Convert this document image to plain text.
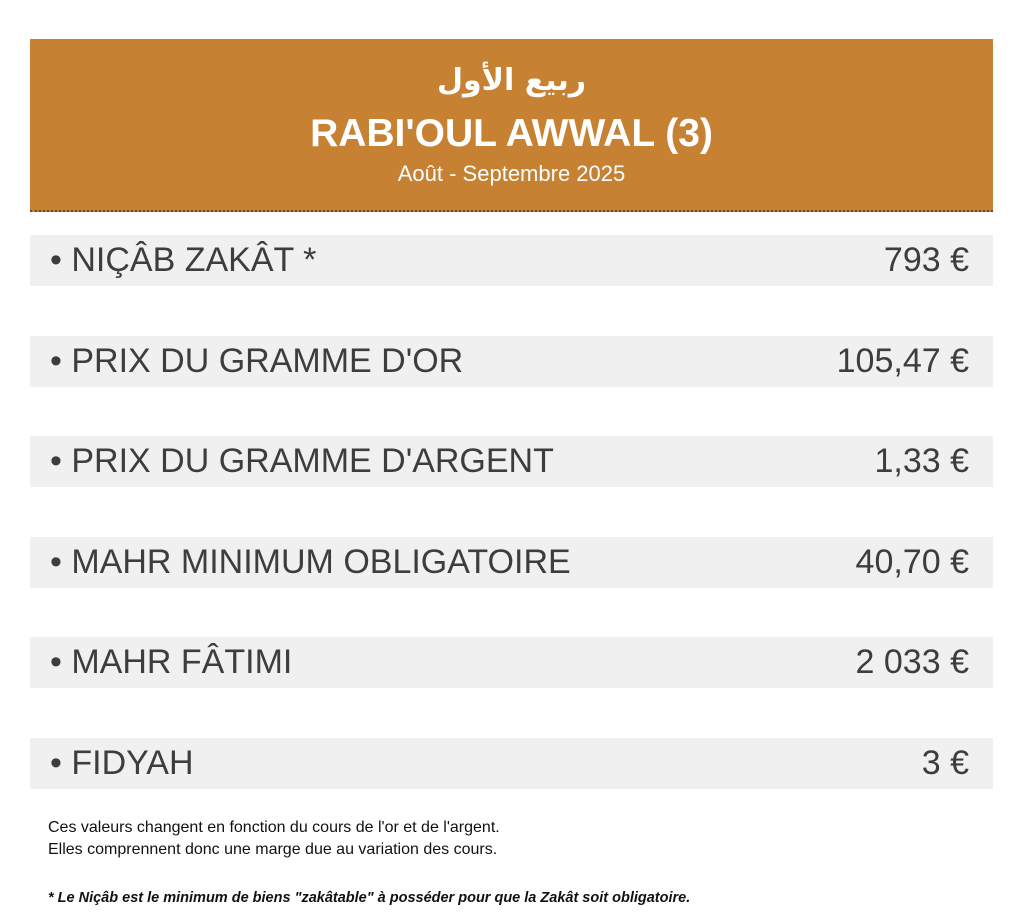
ربيع الأول
RABI'OUL AWWAL (3)
Août - Septembre 2025
• NIÇÂB ZAKÂT *	793 €
• PRIX DU GRAMME D'OR	105,47 €
• PRIX DU GRAMME D'ARGENT	1,33 €
• MAHR MINIMUM OBLIGATOIRE	40,70 €
• MAHR FÂTIMI	2 033 €
• FIDYAH	3 €
Ces valeurs changent en fonction du cours de l'or et de l'argent.
Elles comprennent donc une marge due au variation des cours.
* Le Niçâb est le minimum de biens "zakâtable" à posséder pour que la Zakât soit obligatoire.
